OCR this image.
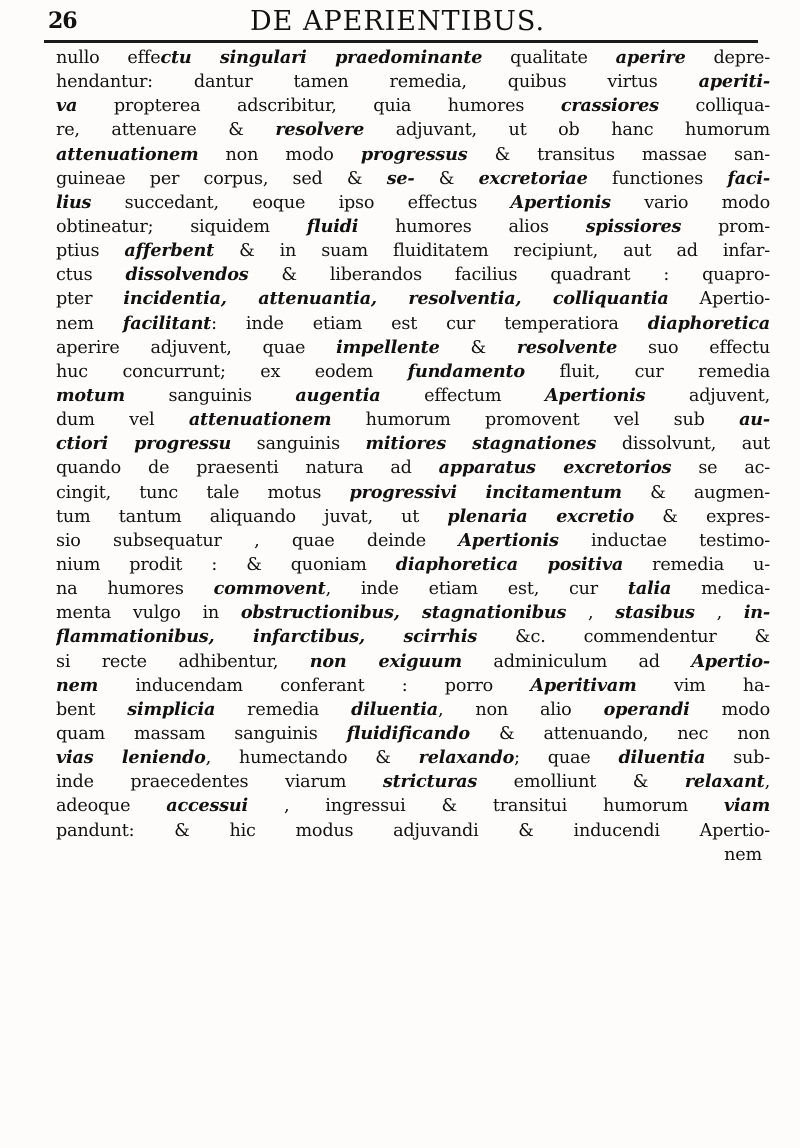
26	DE APERIENTIBUS.
nullo effectu singulari praedominante qualitate aperire depre-
hendantur: dantur tamen remedia, quibus virtus aperiti-
va propterea adscribitur, quia humores crassiores colliqua-
re, attenuare & resolvere adjuvant, ut ob hanc humorum
attenuationem non modo progressus & transitus massae san-
guineae per corpus, sed & se- & excretoriae functiones faci-
lius succedant, eoque ipso effectus Apertionis vario modo
obtineatur; siquidem fluidi humores alios spissiores prom-
ptius afferbent & in suam fluiditatem recipiunt, aut ad infar-
ctus dissolvendos & liberandos facilius quadrant : quapro-
pter incidentia, attenuantia, resolventia, colliquantia Apertio-
nem facilitant: inde etiam est cur temperatiora diaphoretica
aperire adjuvent, quae impellente & resolvente suo effectu
huc concurrunt; ex eodem fundamento fluit, cur remedia
motum sanguinis augentia effectum Apertionis adjuvent,
dum vel attenuationem humorum promovent vel sub au-
ctiori progressu sanguinis mitiores stagnationes dissolvunt, aut
quando de praesenti natura ad apparatus excretorios se ac-
cingit, tunc tale motus progressivi incitamentum & augmen-
tum tantum aliquando juvat, ut plenaria excretio & expres-
sio subsequatur , quae deinde Apertionis inductae testimo-
nium prodit : & quoniam diaphoretica positiva remedia u-
na humores commovent, inde etiam est, cur talia medica-
menta vulgo in obstructionibus, stagnationibus , stasibus , in-
flammationibus, infarctibus, scirrhis &c. commendentur &
si recte adhibentur, non exiguum adminiculum ad Apertio-
nem inducendam conferant : porro Aperitivam vim ha-
bent simplicia remedia diluentia, non alio operandi modo
quam massam sanguinis fluidificando & attenuando, nec non
vias leniendo, humectando & relaxando; quae diluentia sub-
inde praecedentes viarum stricturas emolliunt & relaxant,
adeoque accessui , ingressui & transitui humorum viam
pandunt: & hic modus adjuvandi & inducendi Apertio-
nem
